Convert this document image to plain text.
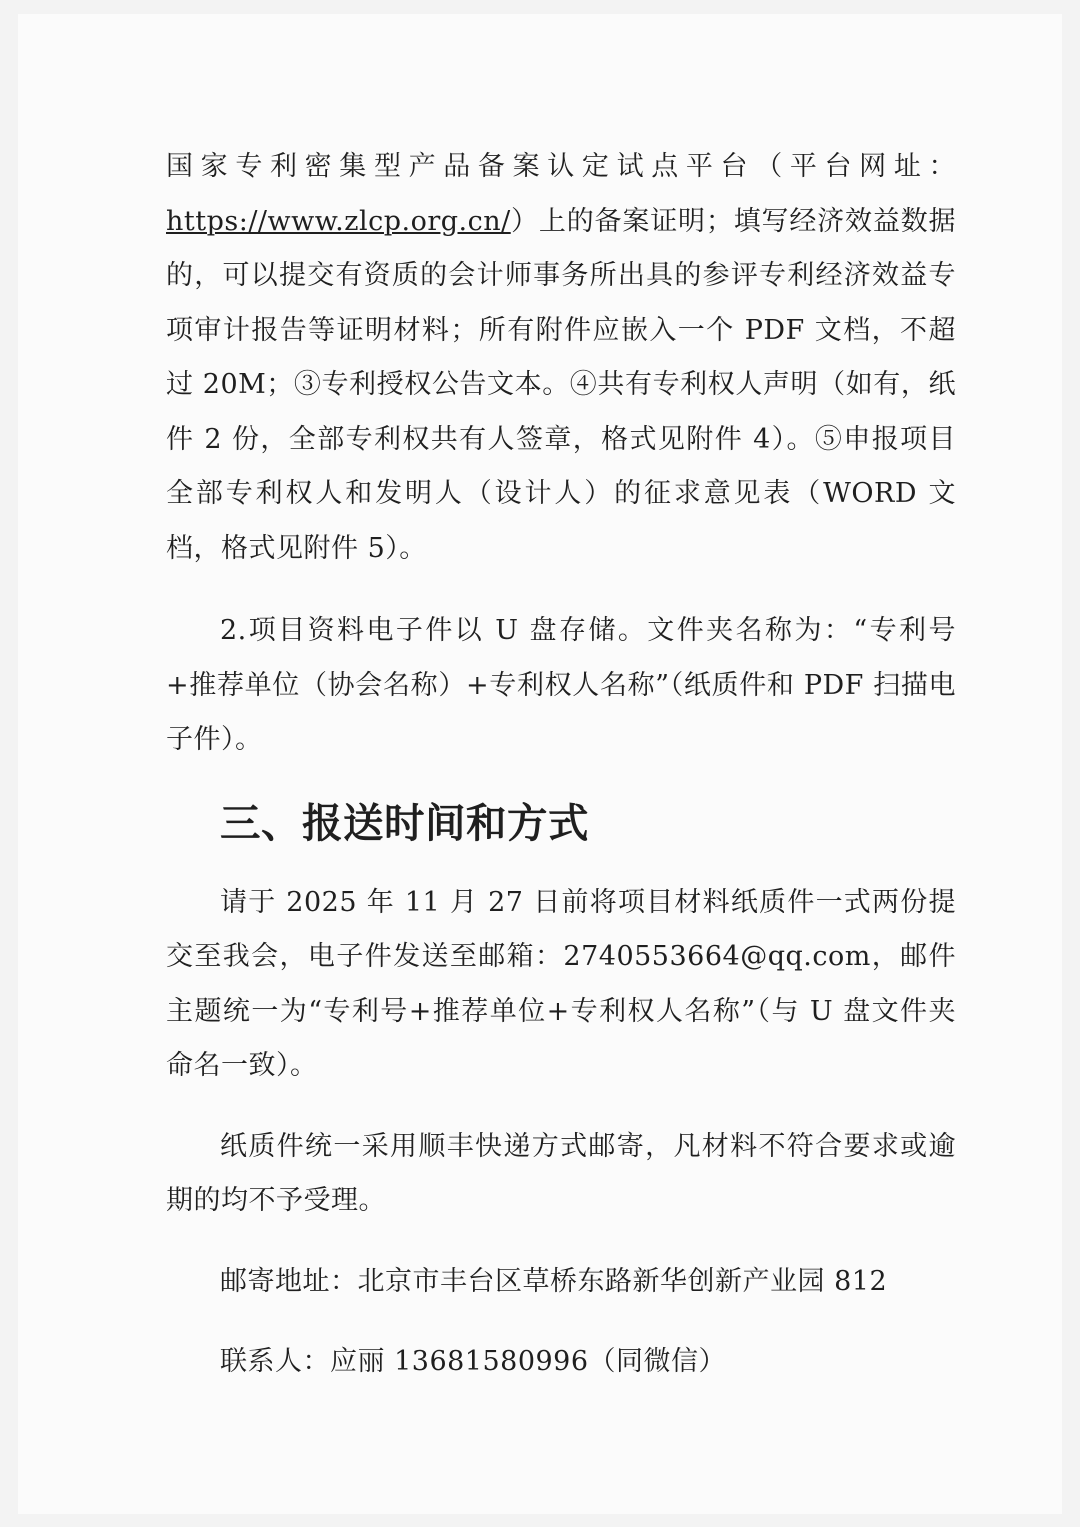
国家专利密集型产品备案认定试点平台（平台网址：https://www.zlcp.org.cn/）上的备案证明；填写经济效益数据的，可以提交有资质的会计师事务所出具的参评专利经济效益专项审计报告等证明材料；所有附件应嵌入一个 PDF 文档，不超过 20M；③专利授权公告文本。④共有专利权人声明（如有，纸件 2 份，全部专利权共有人签章，格式见附件 4）。⑤申报项目全部专利权人和发明人（设计人）的征求意见表（WORD 文档，格式见附件 5）。

2.项目资料电子件以 U 盘存储。文件夹名称为：“专利号+推荐单位（协会名称）+专利权人名称”（纸质件和 PDF 扫描电子件）。

三、报送时间和方式

请于 2025 年 11 月 27 日前将项目材料纸质件一式两份提交至我会，电子件发送至邮箱：2740553664@qq.com，邮件主题统一为“专利号+推荐单位+专利权人名称”（与 U 盘文件夹命名一致）。

纸质件统一采用顺丰快递方式邮寄，凡材料不符合要求或逾期的均不予受理。

邮寄地址：北京市丰台区草桥东路新华创新产业园 812

联系人：应丽 13681580996（同微信）
